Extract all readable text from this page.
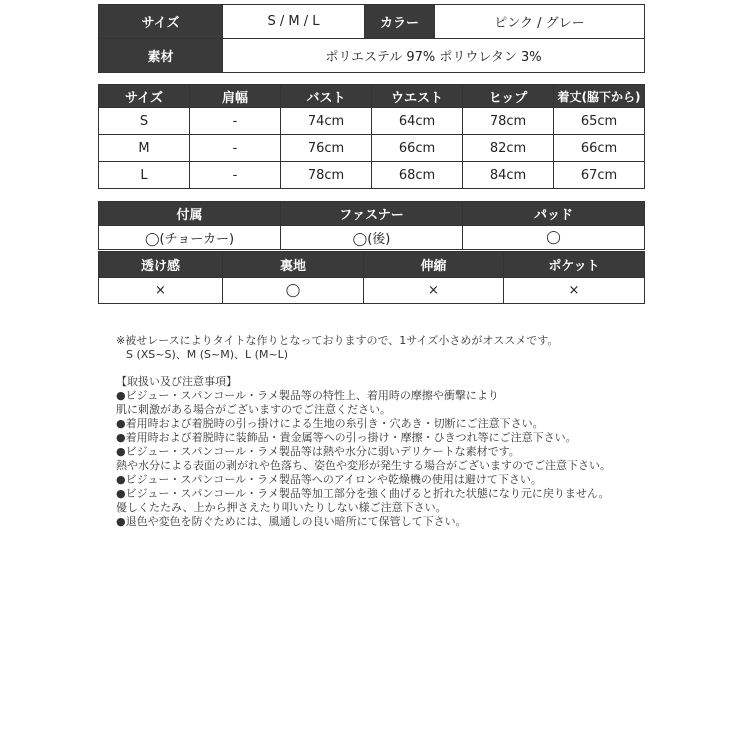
サイズ	S / M / L	カラー	ピンク / グレー
素材	ポリエステル 97% ポリウレタン 3%		
サイズ	肩幅	バスト	ウエスト	ヒップ	着丈(脇下から)
S	-	74cm	64cm	78cm	65cm
M	-	76cm	66cm	82cm	66cm
L	-	78cm	68cm	84cm	67cm
付属	ファスナー	パッド
◯(チョーカー)	◯(後)	◯
透け感	裏地	伸縮	ポケット
×	◯	×	×
※被せレースによりタイトな作りとなっておりますので、1サイズ小さめがオススメです。
S (XS~S)、M (S~M)、L (M~L)
【取扱い及び注意事項】
●ビジュー・スパンコール・ラメ製品等の特性上、着用時の摩擦や衝撃により
肌に刺激がある場合がございますのでご注意ください。
●着用時および着脱時の引っ掛けによる生地の糸引き・穴あき・切断にご注意下さい。
●着用時および着脱時に装飾品・貴金属等への引っ掛け・摩擦・ひきつれ等にご注意下さい。
●ビジュー・スパンコール・ラメ製品等は熱や水分に弱いデリケートな素材です。
熱や水分による表面の剥がれや色落ち、姿色や変形が発生する場合がございますのでご注意下さい。
●ビジュー・スパンコール・ラメ製品等へのアイロンや乾燥機の使用は避けて下さい。
●ビジュー・スパンコール・ラメ製品等加工部分を強く曲げると折れた状態になり元に戻りません。
優しくたたみ、上から押さえたり叩いたりしない様ご注意下さい。
●退色や変色を防ぐためには、風通しの良い暗所にて保管して下さい。
